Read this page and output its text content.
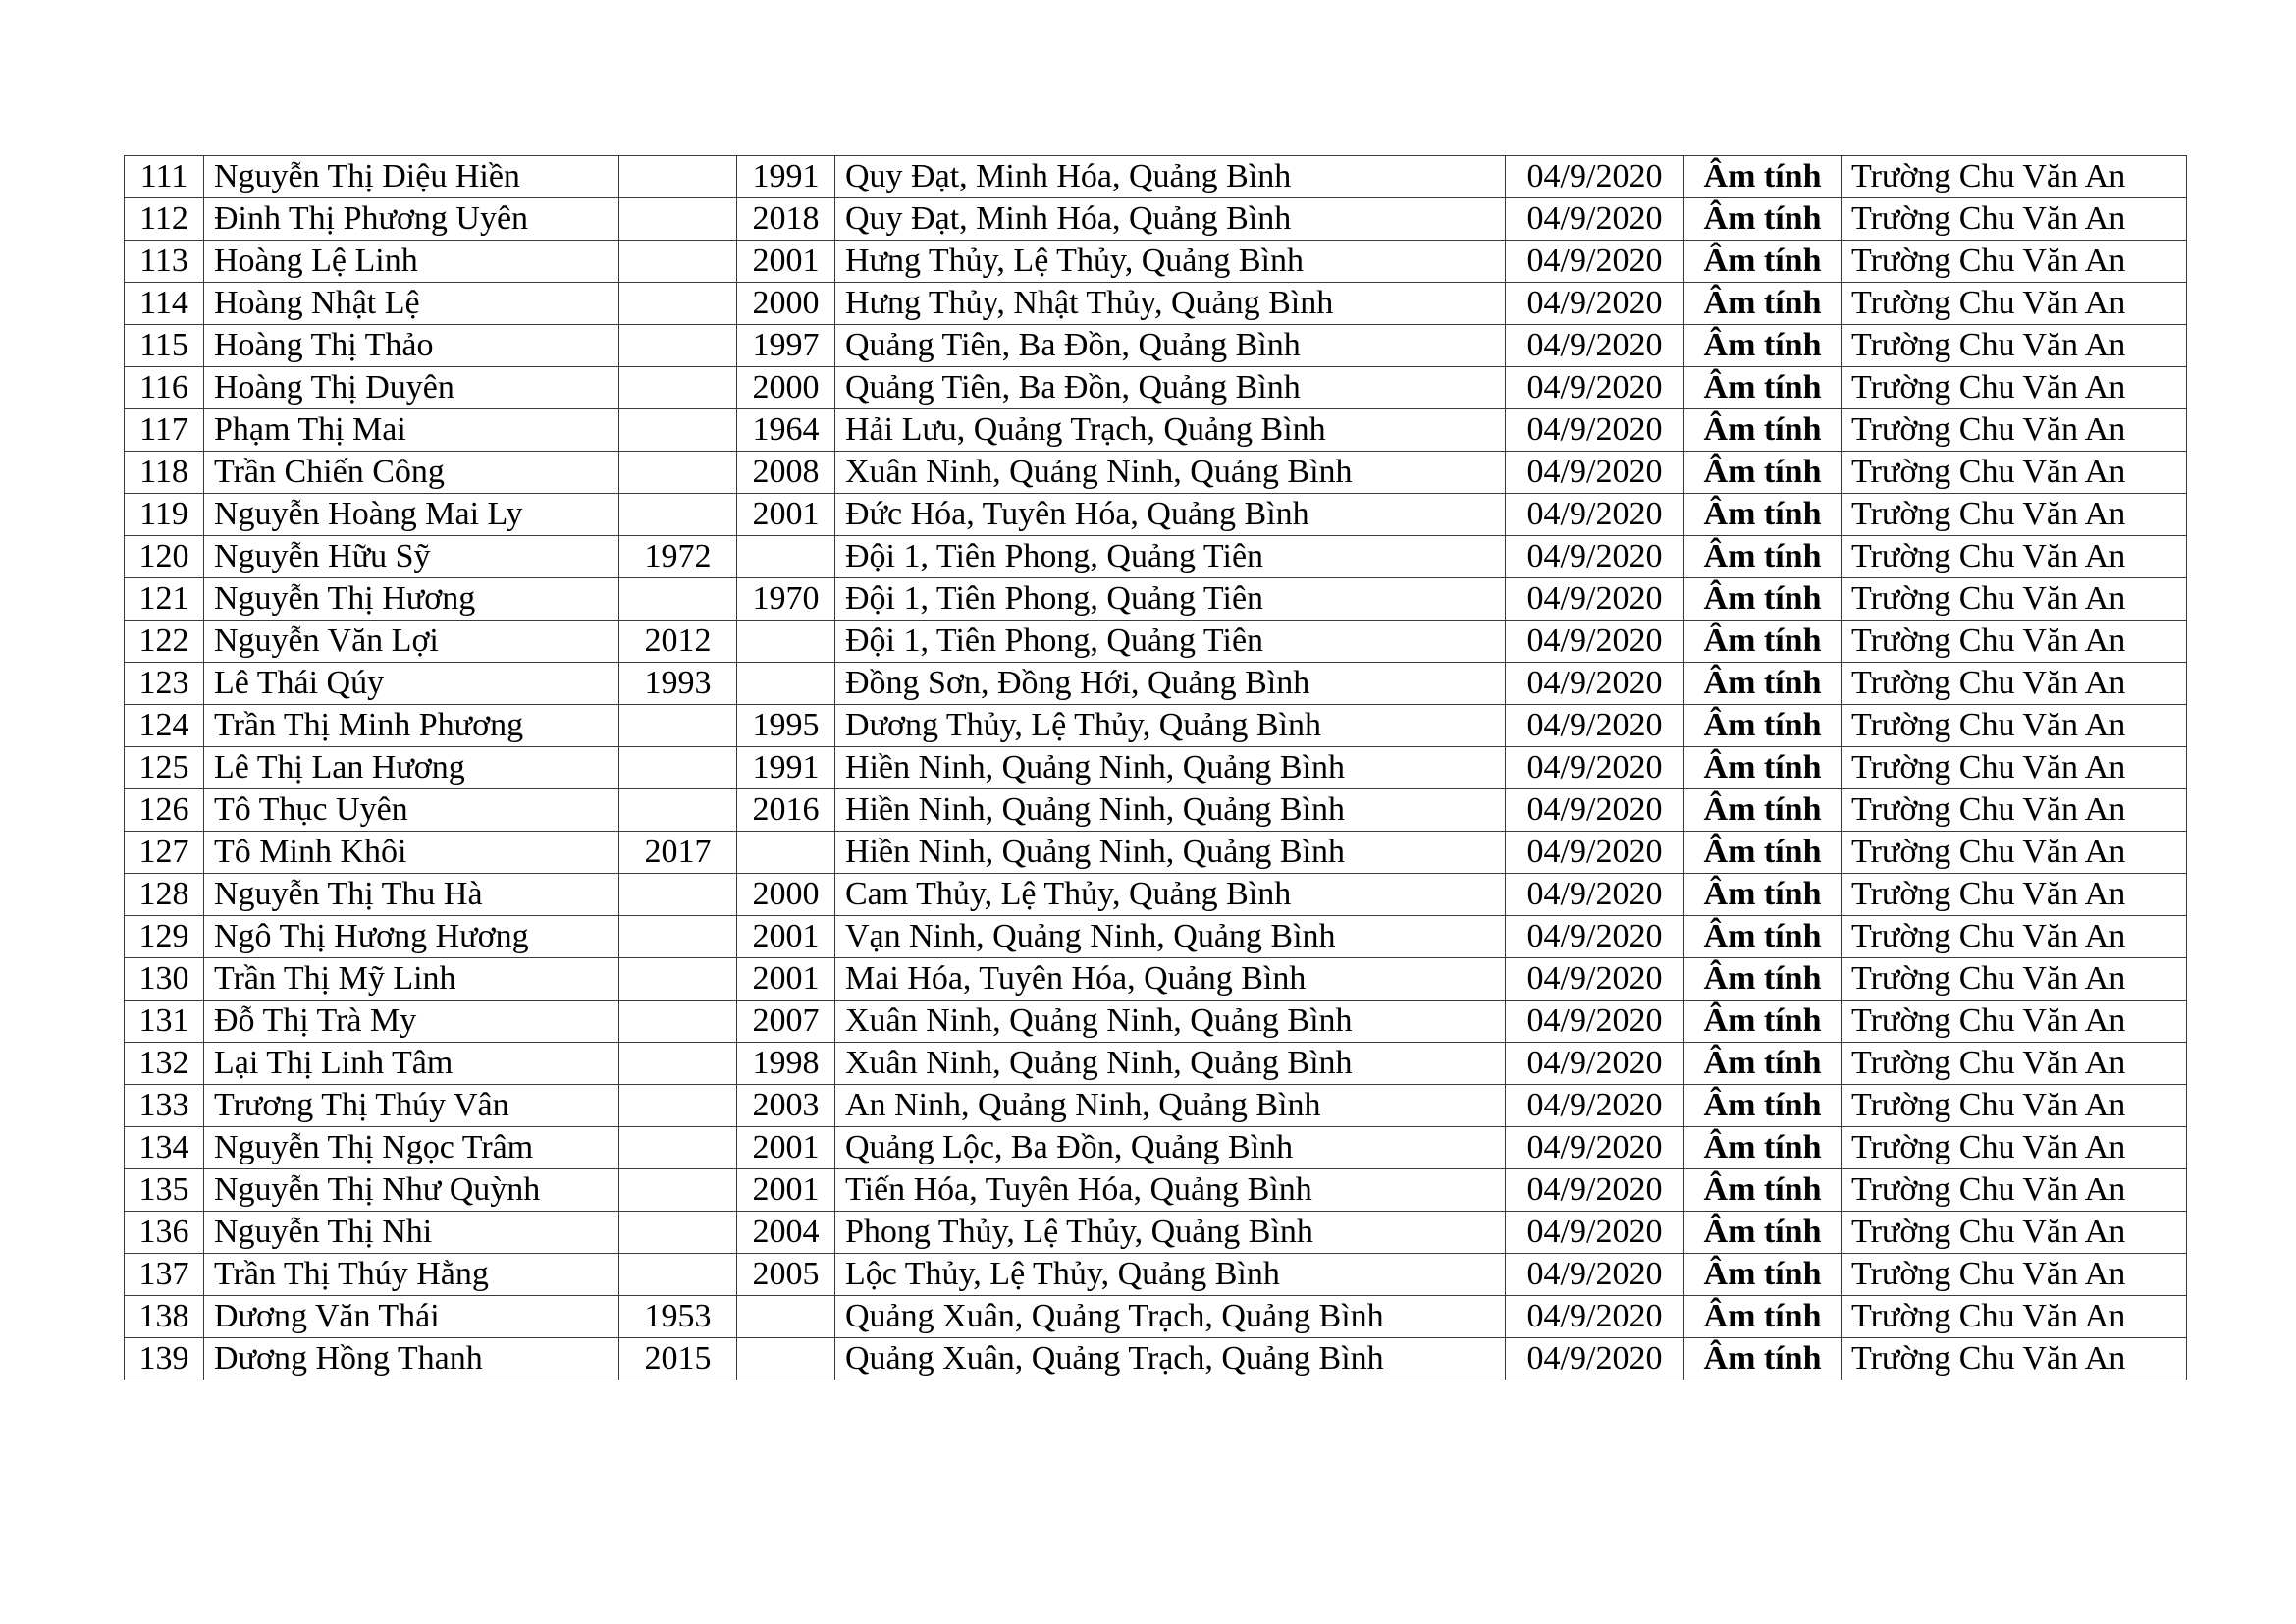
111	Nguyễn Thị Diệu Hiền		1991	Quy Đạt, Minh Hóa, Quảng Bình	04/9/2020	Âm tính	Trường Chu Văn An
112	Đinh Thị Phương Uyên		2018	Quy Đạt, Minh Hóa, Quảng Bình	04/9/2020	Âm tính	Trường Chu Văn An
113	Hoàng Lệ Linh		2001	Hưng Thủy, Lệ Thủy, Quảng Bình	04/9/2020	Âm tính	Trường Chu Văn An
114	Hoàng Nhật Lệ		2000	Hưng Thủy, Nhật Thủy, Quảng Bình	04/9/2020	Âm tính	Trường Chu Văn An
115	Hoàng Thị Thảo		1997	Quảng Tiên, Ba Đồn, Quảng Bình	04/9/2020	Âm tính	Trường Chu Văn An
116	Hoàng Thị Duyên		2000	Quảng Tiên, Ba Đồn, Quảng Bình	04/9/2020	Âm tính	Trường Chu Văn An
117	Phạm Thị Mai		1964	Hải Lưu, Quảng Trạch, Quảng Bình	04/9/2020	Âm tính	Trường Chu Văn An
118	Trần Chiến Công		2008	Xuân Ninh, Quảng Ninh, Quảng Bình	04/9/2020	Âm tính	Trường Chu Văn An
119	Nguyễn Hoàng Mai Ly		2001	Đức Hóa, Tuyên Hóa, Quảng Bình	04/9/2020	Âm tính	Trường Chu Văn An
120	Nguyễn Hữu Sỹ	1972		Đội 1, Tiên Phong, Quảng Tiên	04/9/2020	Âm tính	Trường Chu Văn An
121	Nguyễn Thị Hương		1970	Đội 1, Tiên Phong, Quảng Tiên	04/9/2020	Âm tính	Trường Chu Văn An
122	Nguyễn Văn Lợi	2012		Đội 1, Tiên Phong, Quảng Tiên	04/9/2020	Âm tính	Trường Chu Văn An
123	Lê Thái Qúy	1993		Đồng Sơn, Đồng Hới, Quảng Bình	04/9/2020	Âm tính	Trường Chu Văn An
124	Trần Thị Minh Phương		1995	Dương Thủy, Lệ Thủy, Quảng Bình	04/9/2020	Âm tính	Trường Chu Văn An
125	Lê Thị Lan Hương		1991	Hiền Ninh, Quảng Ninh, Quảng Bình	04/9/2020	Âm tính	Trường Chu Văn An
126	Tô Thục Uyên		2016	Hiền Ninh, Quảng Ninh, Quảng Bình	04/9/2020	Âm tính	Trường Chu Văn An
127	Tô Minh Khôi	2017		Hiền Ninh, Quảng Ninh, Quảng Bình	04/9/2020	Âm tính	Trường Chu Văn An
128	Nguyễn Thị Thu Hà		2000	Cam Thủy, Lệ Thủy, Quảng Bình	04/9/2020	Âm tính	Trường Chu Văn An
129	Ngô Thị Hương Hương		2001	Vạn Ninh, Quảng Ninh, Quảng Bình	04/9/2020	Âm tính	Trường Chu Văn An
130	Trần Thị Mỹ Linh		2001	Mai Hóa, Tuyên Hóa, Quảng Bình	04/9/2020	Âm tính	Trường Chu Văn An
131	Đỗ Thị Trà My		2007	Xuân Ninh, Quảng Ninh, Quảng Bình	04/9/2020	Âm tính	Trường Chu Văn An
132	Lại Thị Linh Tâm		1998	Xuân Ninh, Quảng Ninh, Quảng Bình	04/9/2020	Âm tính	Trường Chu Văn An
133	Trương Thị Thúy Vân		2003	An Ninh, Quảng Ninh, Quảng Bình	04/9/2020	Âm tính	Trường Chu Văn An
134	Nguyễn Thị Ngọc Trâm		2001	Quảng Lộc, Ba Đồn, Quảng Bình	04/9/2020	Âm tính	Trường Chu Văn An
135	Nguyễn Thị Như Quỳnh		2001	Tiến Hóa, Tuyên Hóa, Quảng Bình	04/9/2020	Âm tính	Trường Chu Văn An
136	Nguyễn Thị Nhi		2004	Phong Thủy, Lệ Thủy, Quảng Bình	04/9/2020	Âm tính	Trường Chu Văn An
137	Trần Thị Thúy Hằng		2005	Lộc Thủy, Lệ Thủy, Quảng Bình	04/9/2020	Âm tính	Trường Chu Văn An
138	Dương Văn Thái	1953		Quảng Xuân, Quảng Trạch, Quảng Bình	04/9/2020	Âm tính	Trường Chu Văn An
139	Dương Hồng Thanh	2015		Quảng Xuân, Quảng Trạch, Quảng Bình	04/9/2020	Âm tính	Trường Chu Văn An
